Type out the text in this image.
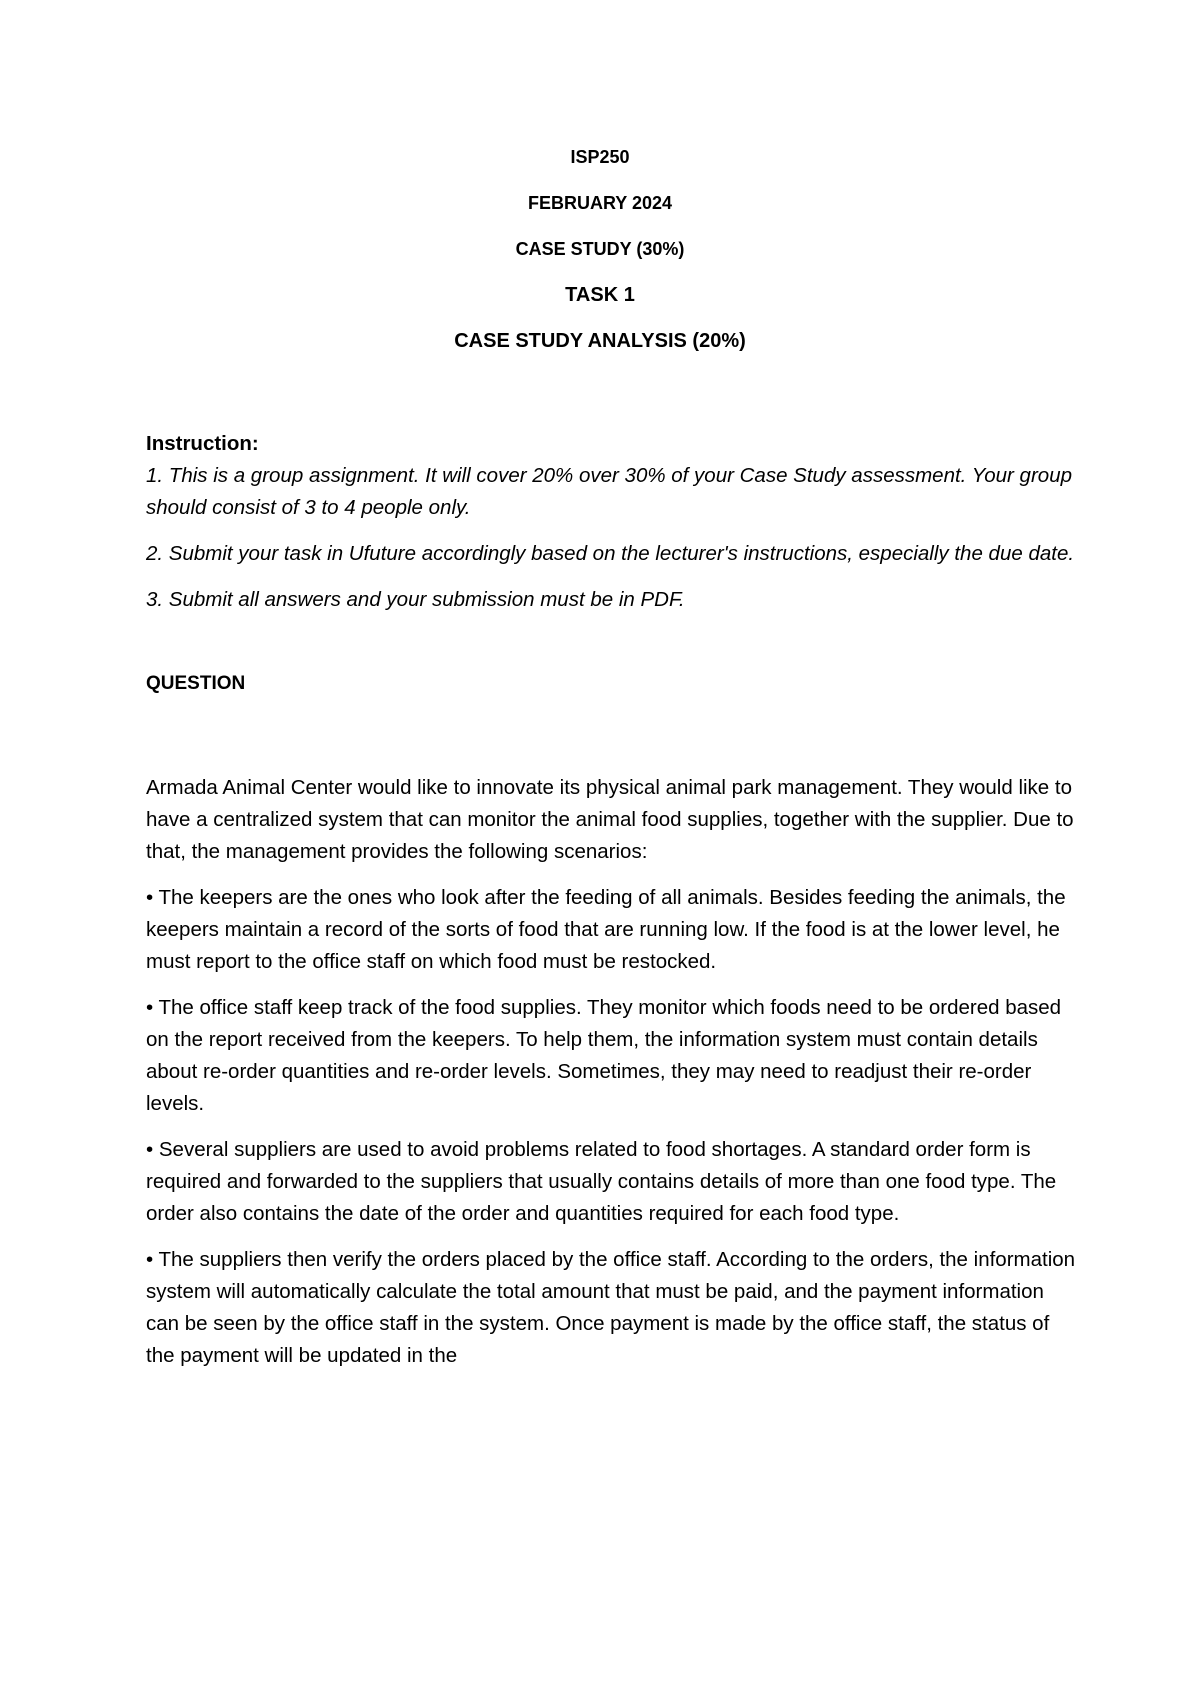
ISP250
FEBRUARY 2024
CASE STUDY (30%)
TASK 1
CASE STUDY ANALYSIS (20%)
Instruction:

1. This is a group assignment. It will cover 20% over 30% of your Case Study assessment. Your group should consist of 3 to 4 people only.

2. Submit your task in Ufuture accordingly based on the lecturer's instructions, especially the due date.

3. Submit all answers and your submission must be in PDF.

QUESTION

Armada Animal Center would like to innovate its physical animal park management. They would like to have a centralized system that can monitor the animal food supplies, together with the supplier. Due to that, the management provides the following scenarios:

• The keepers are the ones who look after the feeding of all animals. Besides feeding the animals, the keepers maintain a record of the sorts of food that are running low. If the food is at the lower level, he must report to the office staff on which food must be restocked.

• The office staff keep track of the food supplies. They monitor which foods need to be ordered based on the report received from the keepers. To help them, the information system must contain details about re-order quantities and re-order levels. Sometimes, they may need to readjust their re-order levels.

• Several suppliers are used to avoid problems related to food shortages. A standard order form is required and forwarded to the suppliers that usually contains details of more than one food type. The order also contains the date of the order and quantities required for each food type.

• The suppliers then verify the orders placed by the office staff. According to the orders, the information system will automatically calculate the total amount that must be paid, and the payment information can be seen by the office staff in the system. Once payment is made by the office staff, the status of the payment will be updated in the
